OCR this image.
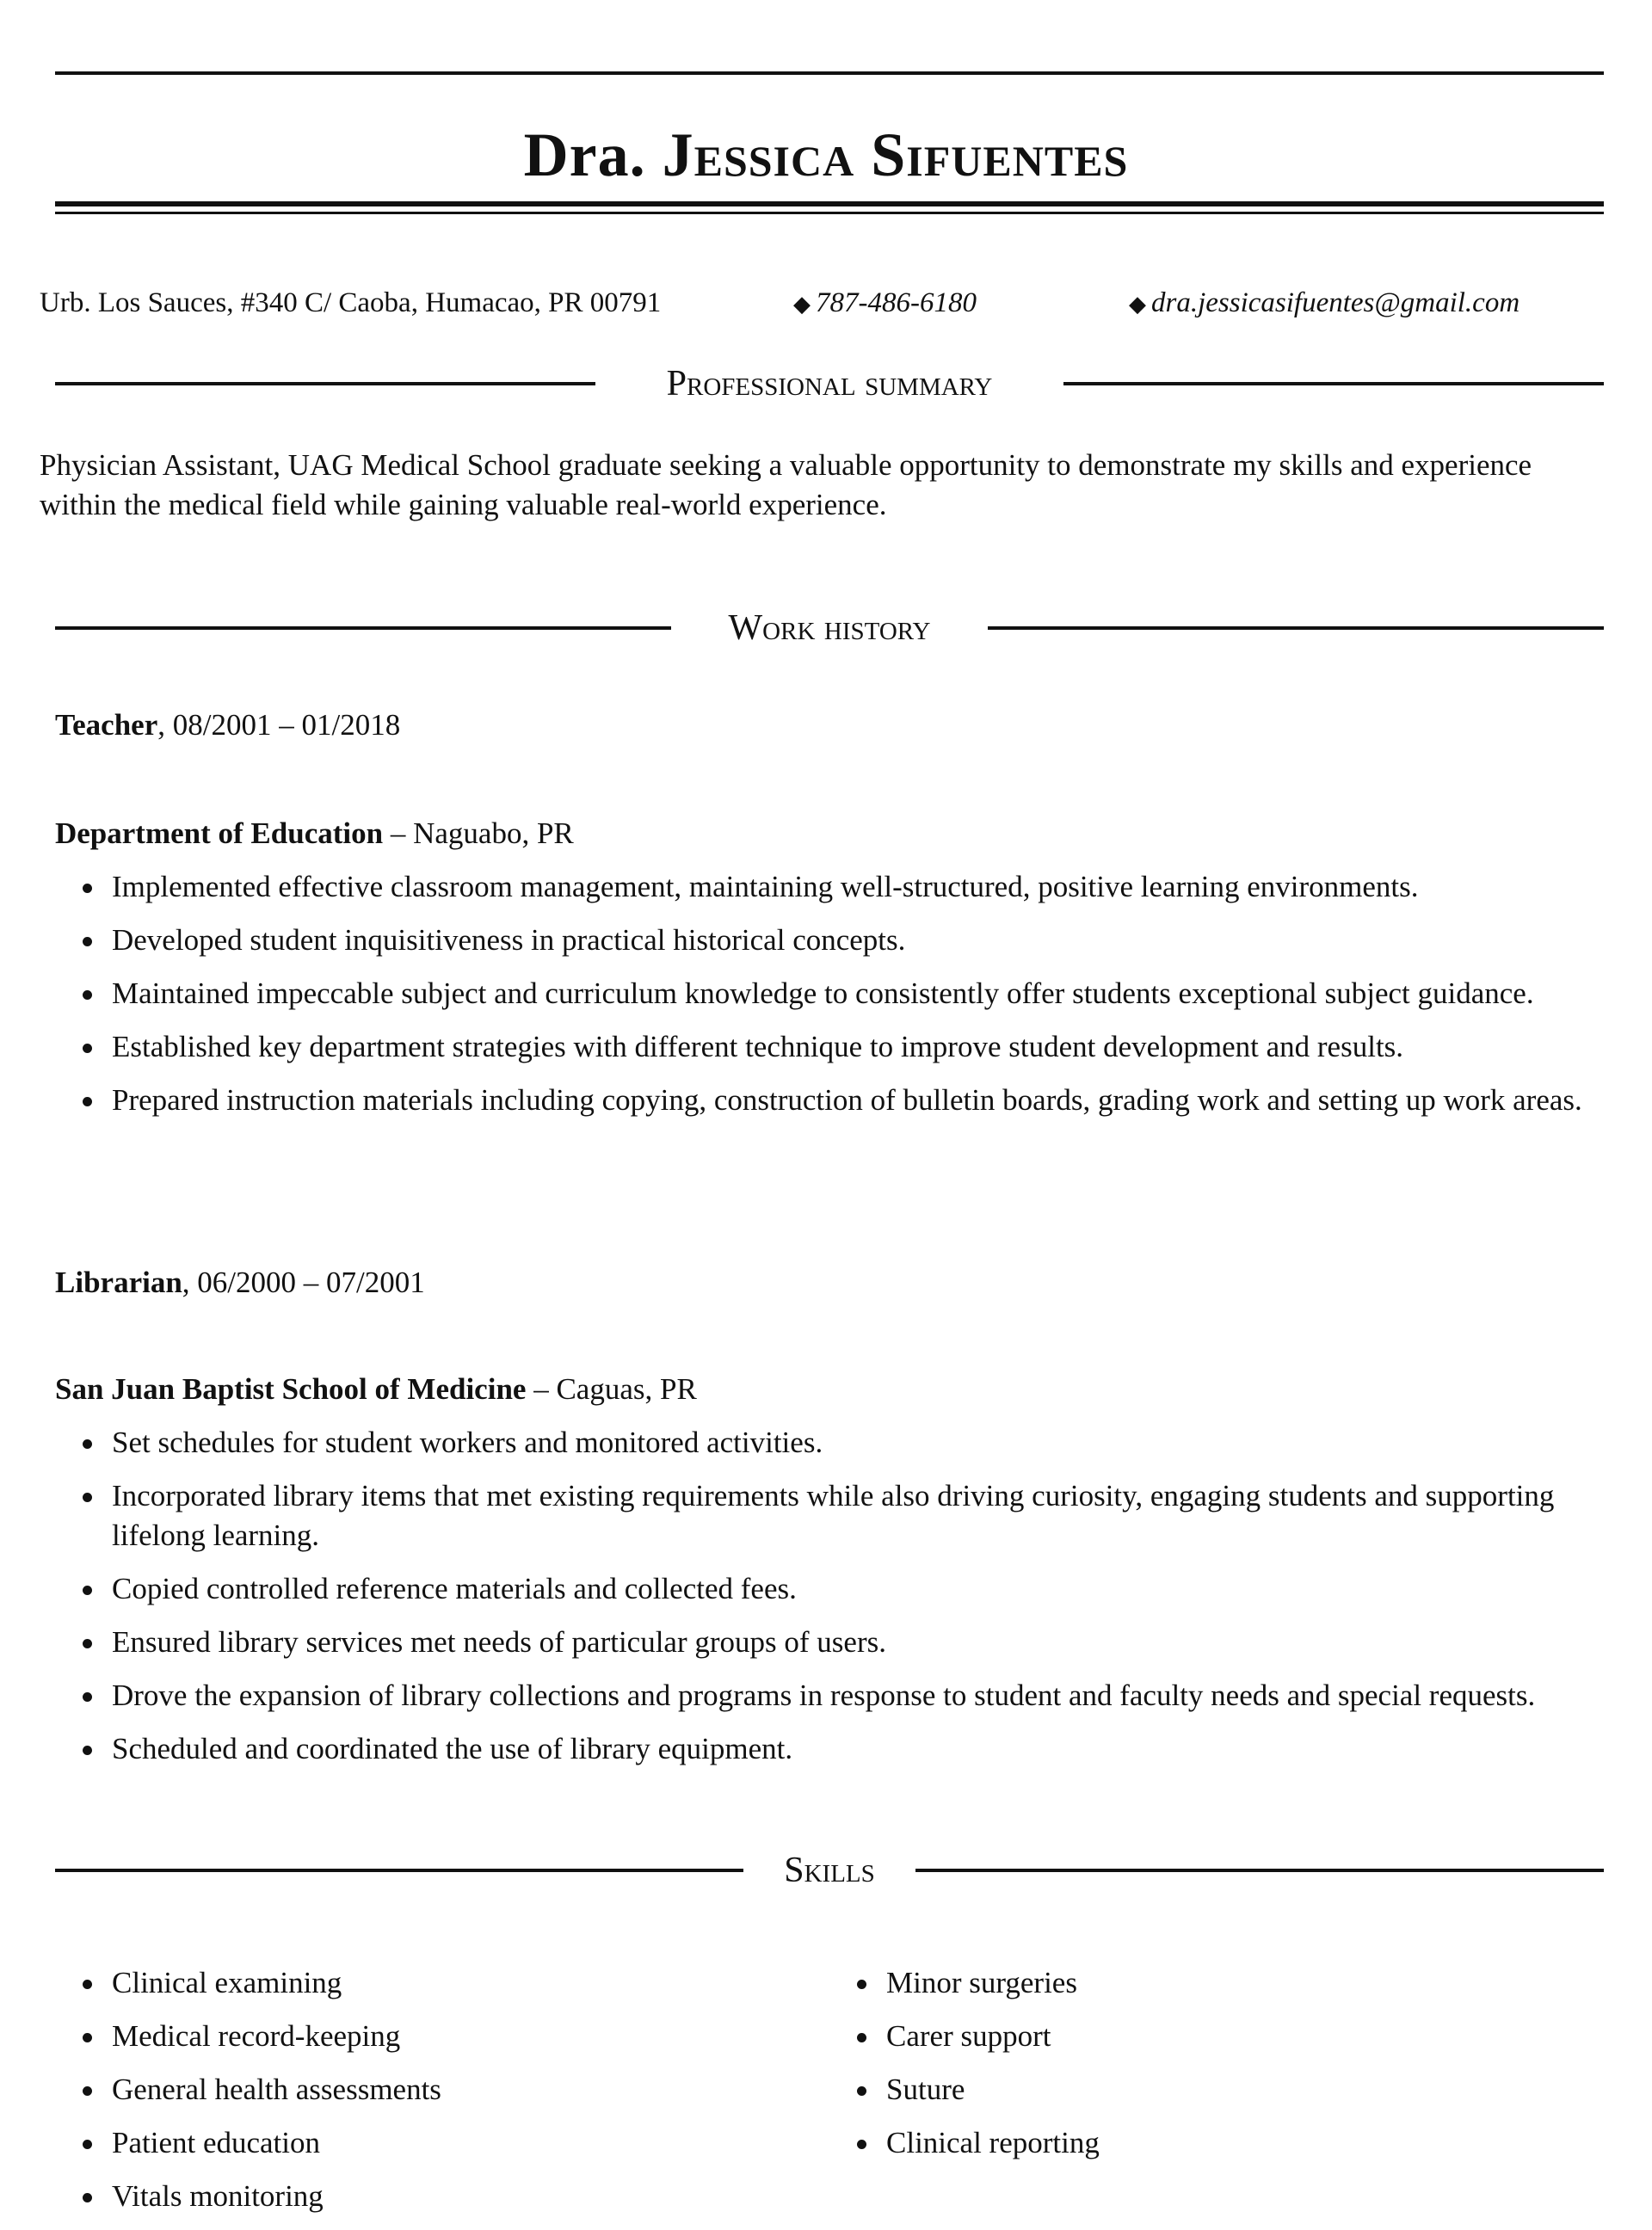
Dra. Jessica Sifuentes
Urb. Los Sauces, #340 C/ Caoba, Humacao, PR 00791	◆ 787-486-6180	◆ dra.jessicasifuentes@gmail.com
Professional summary
Physician Assistant, UAG Medical School graduate seeking a valuable opportunity to demonstrate my skills and experience within the medical field while gaining valuable real-world experience.
Work history
Teacher, 08/2001 – 01/2018
Department of Education – Naguabo, PR
Implemented effective classroom management, maintaining well-structured, positive learning environments.
Developed student inquisitiveness in practical historical concepts.
Maintained impeccable subject and curriculum knowledge to consistently offer students exceptional subject guidance.
Established key department strategies with different technique to improve student development and results.
Prepared instruction materials including copying, construction of bulletin boards, grading work and setting up work areas.
Librarian, 06/2000 – 07/2001
San Juan Baptist School of Medicine – Caguas, PR
Set schedules for student workers and monitored activities.
Incorporated library items that met existing requirements while also driving curiosity, engaging students and supporting lifelong learning.
Copied controlled reference materials and collected fees.
Ensured library services met needs of particular groups of users.
Drove the expansion of library collections and programs in response to student and faculty needs and special requests.
Scheduled and coordinated the use of library equipment.
Skills
Clinical examining
Medical record-keeping
General health assessments
Patient education
Vitals monitoring
Minor surgeries
Carer support
Suture
Clinical reporting
